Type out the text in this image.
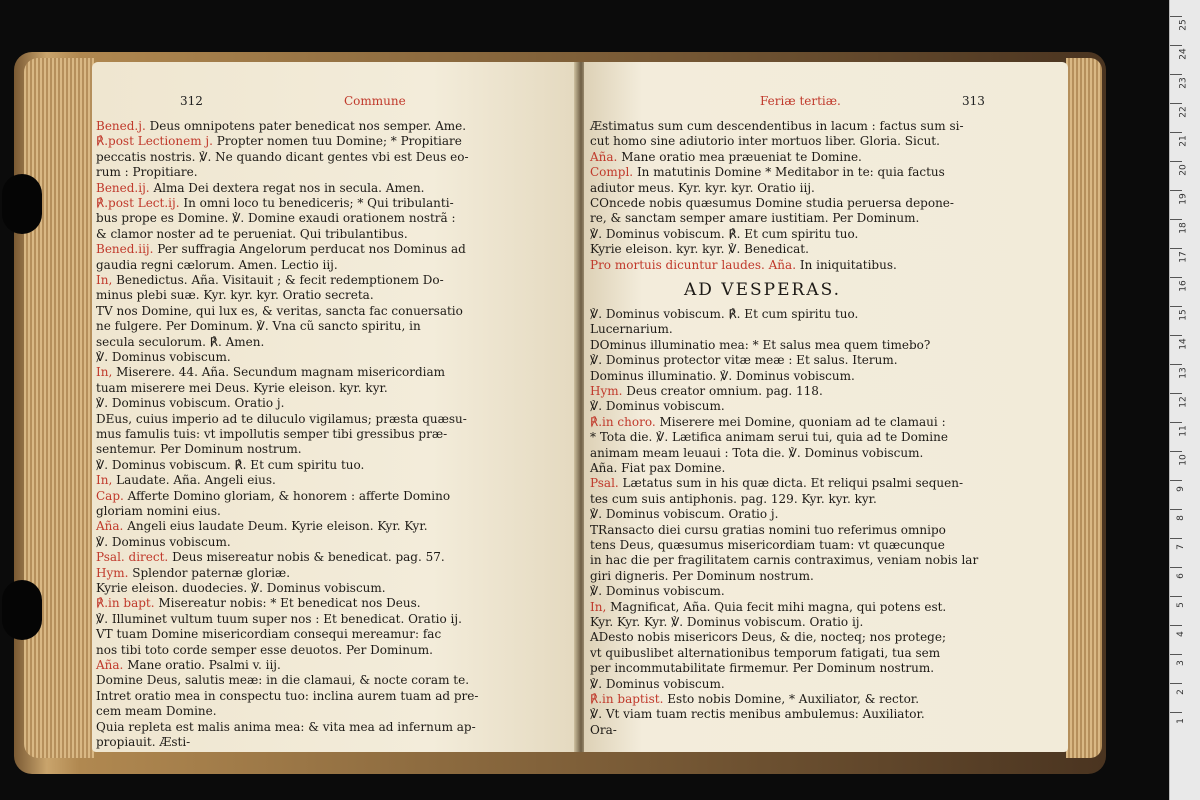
312	Commune
Bened.j. Deus omnipotens pater benedicat nos semper. Ame.
℟.post Lectionem j. Propter nomen tuu Domine; * Propitiare
peccatis nostris. ℣. Ne quando dicant gentes vbi est Deus eo-
rum : Propitiare.
Bened.ij. Alma Dei dextera regat nos in secula. Amen.
℟.post Lect.ij. In omni loco tu benediceris; * Qui tribulanti-
bus prope es Domine. ℣. Domine exaudi orationem nostrã :
& clamor noster ad te perueniat. Qui tribulantibus.
Bened.iij. Per suffragia Angelorum perducat nos Dominus ad
gaudia regni cælorum. Amen. Lectio iij.
In, Benedictus. Aña. Visitauit ; & fecit redemptionem Do-
minus plebi suæ. Kyr. kyr. kyr. Oratio secreta.
TV nos Domine, qui lux es, & veritas, sancta fac conuersatio
ne fulgere. Per Dominum. ℣. Vna cũ sancto spiritu, in
secula seculorum. ℟. Amen.
℣. Dominus vobiscum.
In, Miserere. 44. Aña. Secundum magnam misericordiam
tuam miserere mei Deus. Kyrie eleison. kyr. kyr.
℣. Dominus vobiscum. Oratio j.
DEus, cuius imperio ad te diluculo vigilamus; præsta quæsu-
mus famulis tuis: vt impollutis semper tibi gressibus præ-
sentemur. Per Dominum nostrum.
℣. Dominus vobiscum. ℟. Et cum spiritu tuo.
In, Laudate. Aña. Angeli eius.
Cap. Afferte Domino gloriam, & honorem : afferte Domino
gloriam nomini eius.
Aña. Angeli eius laudate Deum. Kyrie eleison. Kyr. Kyr.
℣. Dominus vobiscum.
Psal. direct. Deus misereatur nobis & benedicat. pag. 57.
Hym. Splendor paternæ gloriæ.
Kyrie eleison. duodecies. ℣. Dominus vobiscum.
℟.in bapt. Misereatur nobis: * Et benedicat nos Deus.
℣. Illuminet vultum tuum super nos : Et benedicat. Oratio ij.
VT tuam Domine misericordiam consequi mereamur: fac
nos tibi toto corde semper esse deuotos. Per Dominum.
Aña. Mane oratio. Psalmi v. iij.
Domine Deus, salutis meæ: in die clamaui, & nocte coram te.
Intret oratio mea in conspectu tuo: inclina aurem tuam ad pre-
cem meam Domine.
Quia repleta est malis anima mea: & vita mea ad infernum ap-
propiauit. Æsti-
Feriæ tertiæ.	313
AD VESPERAS.
Æstimatus sum cum descendentibus in lacum : factus sum si-
cut homo sine adiutorio inter mortuos liber. Gloria. Sicut.
Aña. Mane oratio mea præueniat te Domine.
Compl. In matutinis Domine * Meditabor in te: quia factus
adiutor meus. Kyr. kyr. kyr. Oratio iij.
COncede nobis quæsumus Domine studia peruersa depone-
re, & sanctam semper amare iustitiam. Per Dominum.
℣. Dominus vobiscum. ℟. Et cum spiritu tuo.
Kyrie eleison. kyr. kyr. ℣. Benedicat.
Pro mortuis dicuntur laudes. Aña. In iniquitatibus.
℣. Dominus vobiscum. ℟. Et cum spiritu tuo.
Lucernarium.
DOminus illuminatio mea: * Et salus mea quem timebo?
℣. Dominus protector vitæ meæ : Et salus. Iterum.
Dominus illuminatio. ℣. Dominus vobiscum.
Hym. Deus creator omnium. pag. 118.
℣. Dominus vobiscum.
℟.in choro. Miserere mei Domine, quoniam ad te clamaui :
* Tota die. ℣. Lætifica animam serui tui, quia ad te Domine
animam meam leuaui : Tota die. ℣. Dominus vobiscum.
Aña. Fiat pax Domine.
Psal. Lætatus sum in his quæ dicta. Et reliqui psalmi sequen-
tes cum suis antiphonis. pag. 129. Kyr. kyr. kyr.
℣. Dominus vobiscum. Oratio j.
TRansacto diei cursu gratias nomini tuo referimus omnipo
tens Deus, quæsumus misericordiam tuam: vt quæcunque
in hac die per fragilitatem carnis contraximus, veniam nobis lar
giri digneris. Per Dominum nostrum.
℣. Dominus vobiscum.
In, Magnificat, Aña. Quia fecit mihi magna, qui potens est.
Kyr. Kyr. Kyr. ℣. Dominus vobiscum. Oratio ij.
ADesto nobis misericors Deus, & die, nocteq; nos protege;
vt quibuslibet alternationibus temporum fatigati, tua sem
per incommutabilitate firmemur. Per Dominum nostrum.
℣. Dominus vobiscum.
℟.in baptist. Esto nobis Domine, * Auxiliator, & rector.
℣. Vt viam tuam rectis menibus ambulemus: Auxiliator.
Ora-
25
24
23
22
21
20
19
18
17
16
15
14
13
12
11
10
9
8
7
6
5
4
3
2
1
